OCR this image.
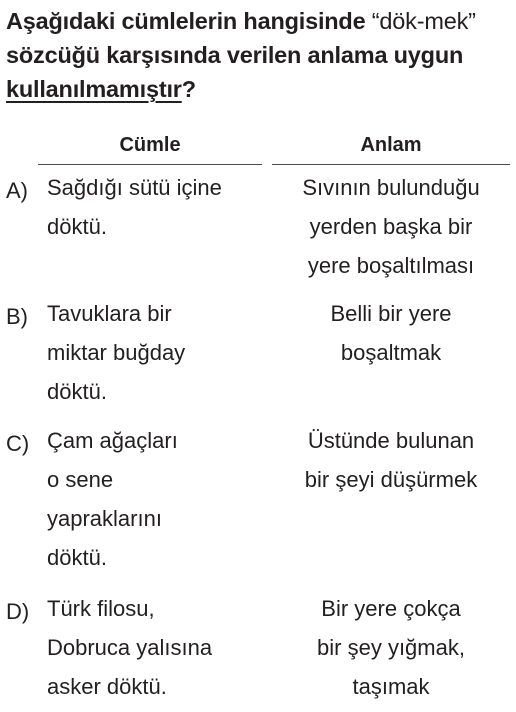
Aşağıdaki cümlelerin hangisinde “dök-mek” sözcüğü karşısında verilen anlama uygun kullanılmamıştır?
Cümle	Anlam
A) Sağdığı sütü içine
döktü.
Sıvının bulunduğu
yerden başka bir
yere boşaltılması
B) Tavuklara bir
miktar buğday
döktü.
Belli bir yere
boşaltmak
C) Çam ağaçları
o sene
yapraklarını
döktü.
Üstünde bulunan
bir şeyi düşürmek
D) Türk filosu,
Dobruca yalısına
asker döktü.
Bir yere çokça
bir şey yığmak,
taşımak
